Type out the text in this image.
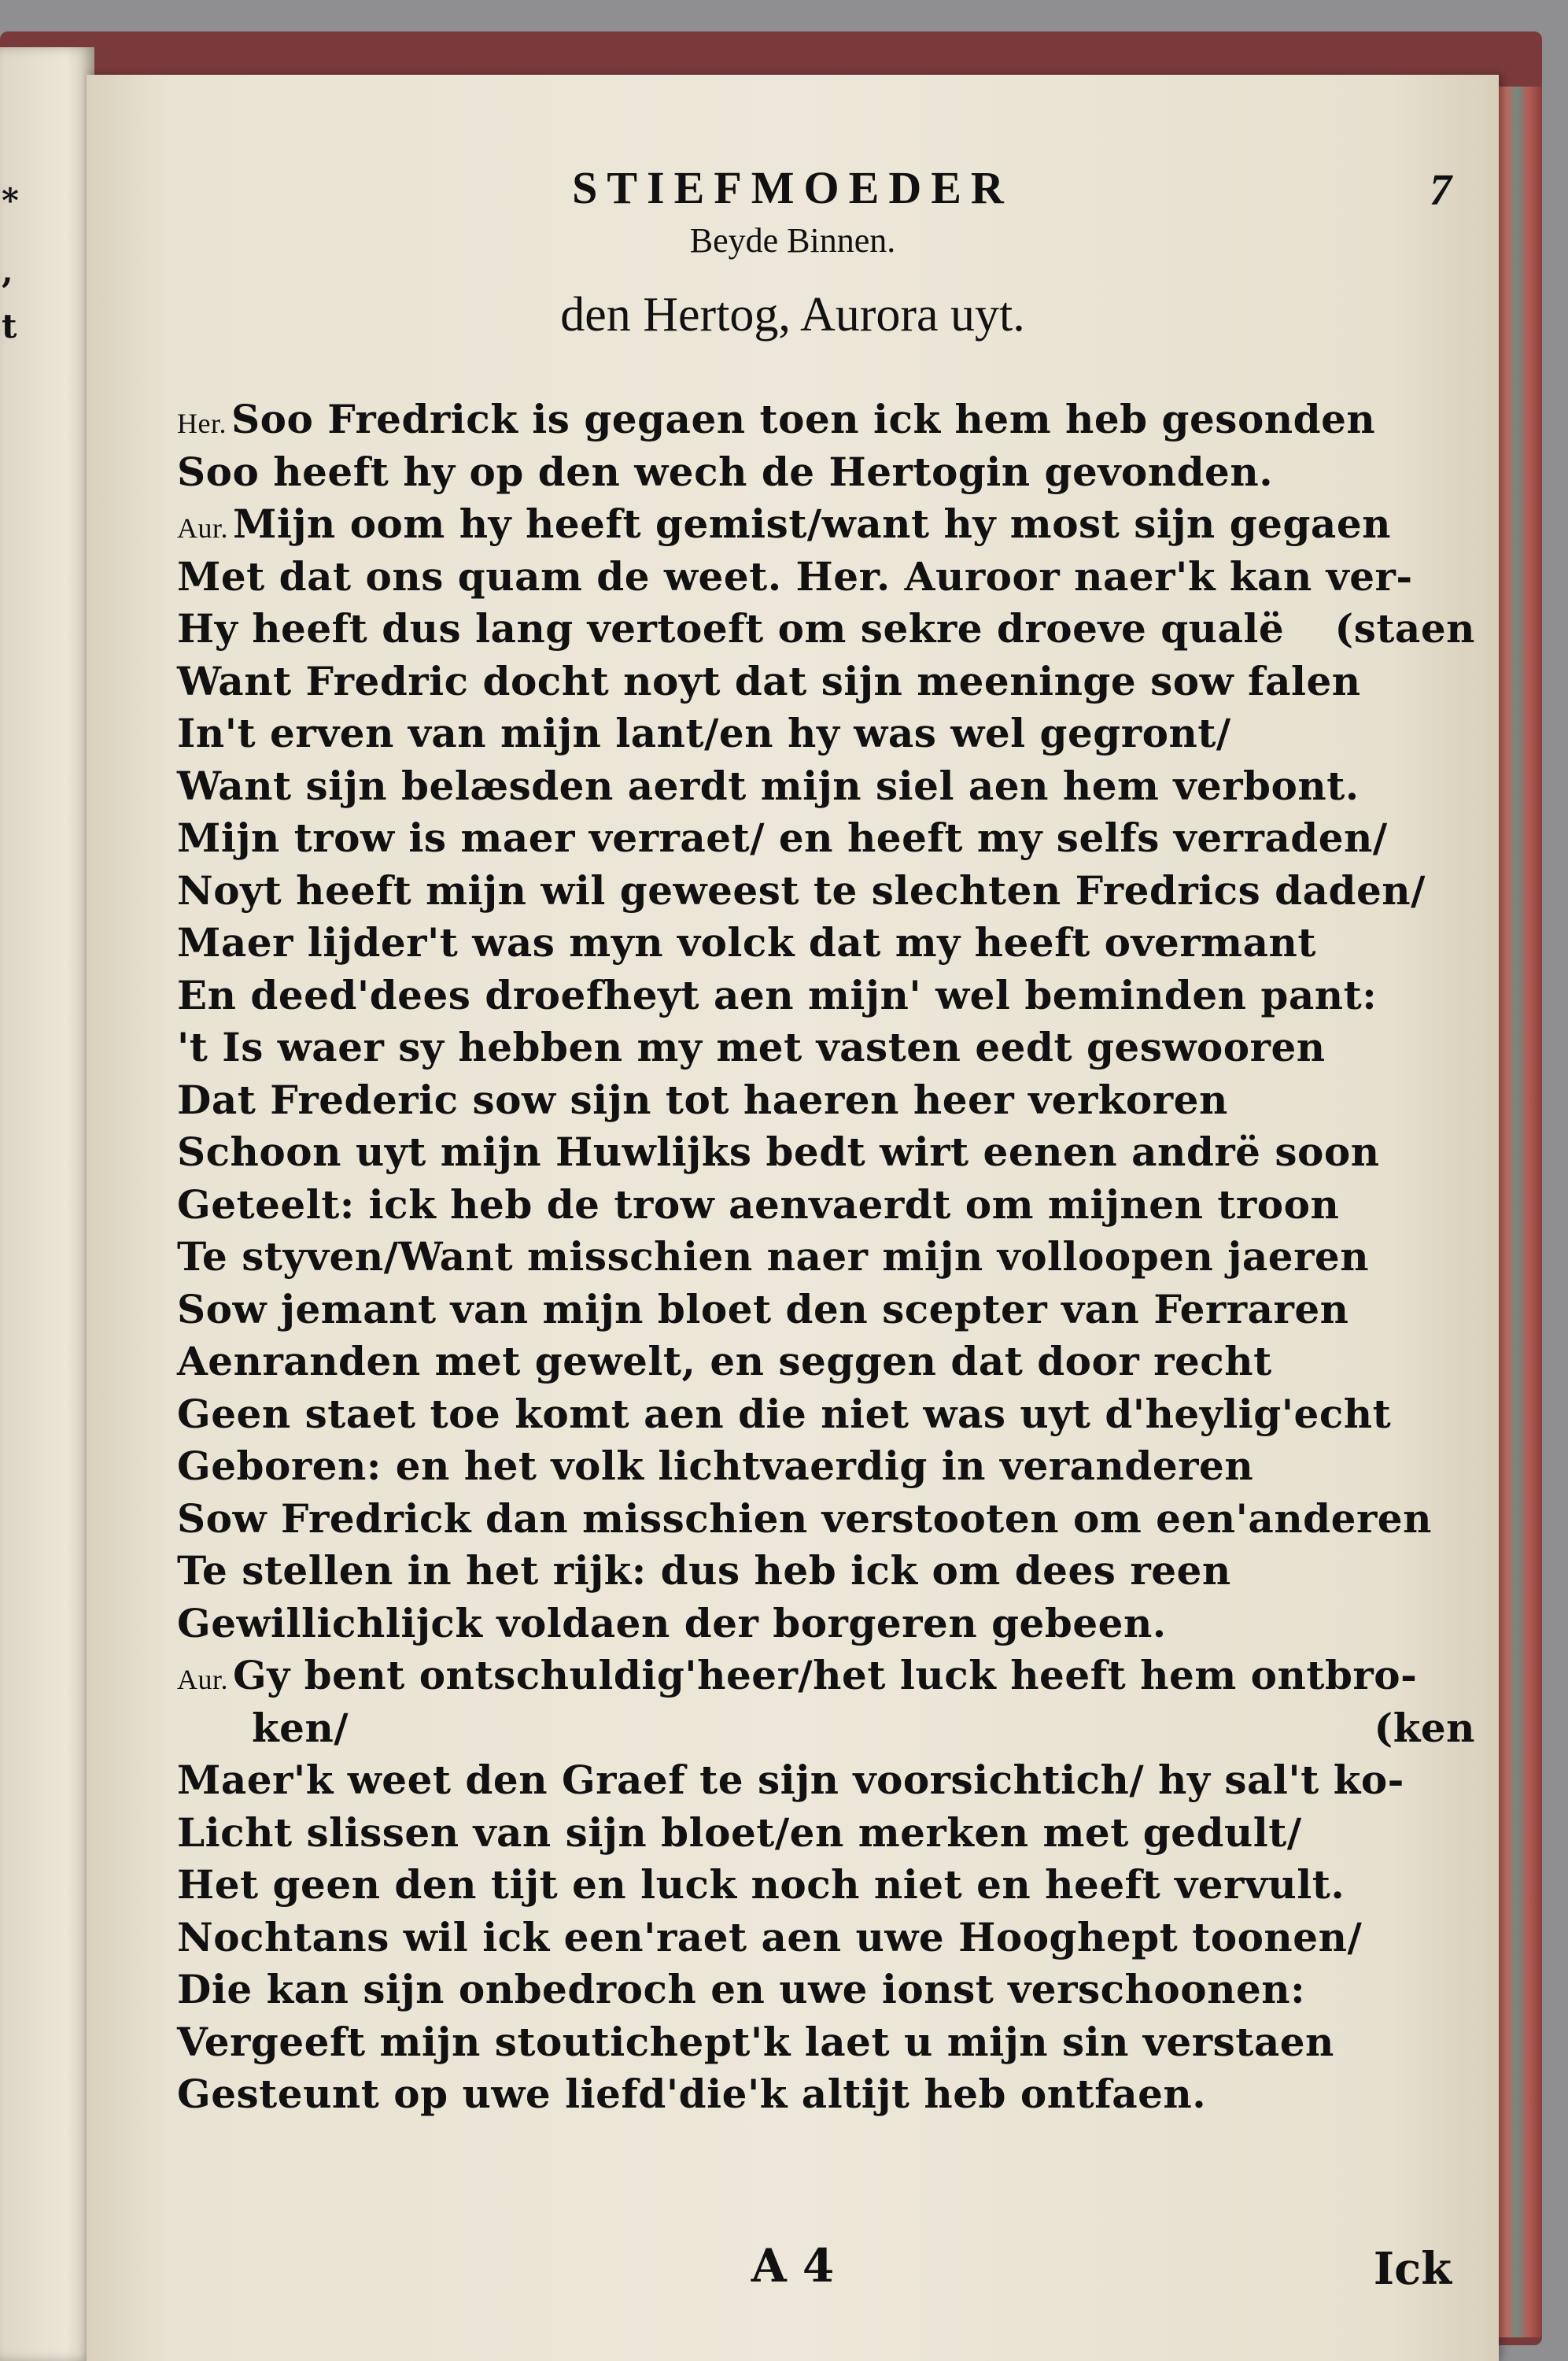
*
,
t
STIEFMOEDER	7
Beyde Binnen.
den Hertog, Aurora uyt.
Her. Soo Fredrick is gegaen toen ick hem heb gesonden
Soo heeft hy op den wech de Hertogin gevonden.
Aur. Mijn oom hy heeft gemist/want hy most sijn gegaen
Met dat ons quam de weet. Her. Auroor naer'k kan ver-
(staen
Hy heeft dus lang vertoeft om sekre droeve qualë
Want Fredric docht noyt dat sijn meeninge sow falen
In't erven van mijn lant/en hy was wel gegront/
Want sijn belæsden aerdt mijn siel aen hem verbont.
Mijn trow is maer verraet/ en heeft my selfs verraden/
Noyt heeft mijn wil geweest te slechten Fredrics daden/
Maer lijder't was myn volck dat my heeft overmant
En deed'dees droefheyt aen mijn' wel beminden pant:
't Is waer sy hebben my met vasten eedt geswooren
Dat Frederic sow sijn tot haeren heer verkoren
Schoon uyt mijn Huwlijks bedt wirt eenen andrë soon
Geteelt: ick heb de trow aenvaerdt om mijnen troon
Te styven/Want misschien naer mijn volloopen jaeren
Sow jemant van mijn bloet den scepter van Ferraren
Aenranden met gewelt, en seggen dat door recht
Geen staet toe komt aen die niet was uyt d'heylig'echt
Geboren: en het volk lichtvaerdig in veranderen
Sow Fredrick dan misschien verstooten om een'anderen
Te stellen in het rijk: dus heb ick om dees reen
Gewillichlijck voldaen der borgeren gebeen.
Aur. Gy bent ontschuldig'heer/het luck heeft hem ontbro-
(ken
ken/
Maer'k weet den Graef te sijn voorsichtich/ hy sal't ko-
Licht slissen van sijn bloet/en merken met gedult/
Het geen den tijt en luck noch niet en heeft vervult.
Nochtans wil ick een'raet aen uwe Hooghept toonen/
Die kan sijn onbedroch en uwe ionst verschoonen:
Vergeeft mijn stoutichept'k laet u mijn sin verstaen
Gesteunt op uwe liefd'die'k altijt heb ontfaen.
A 4	Ick
